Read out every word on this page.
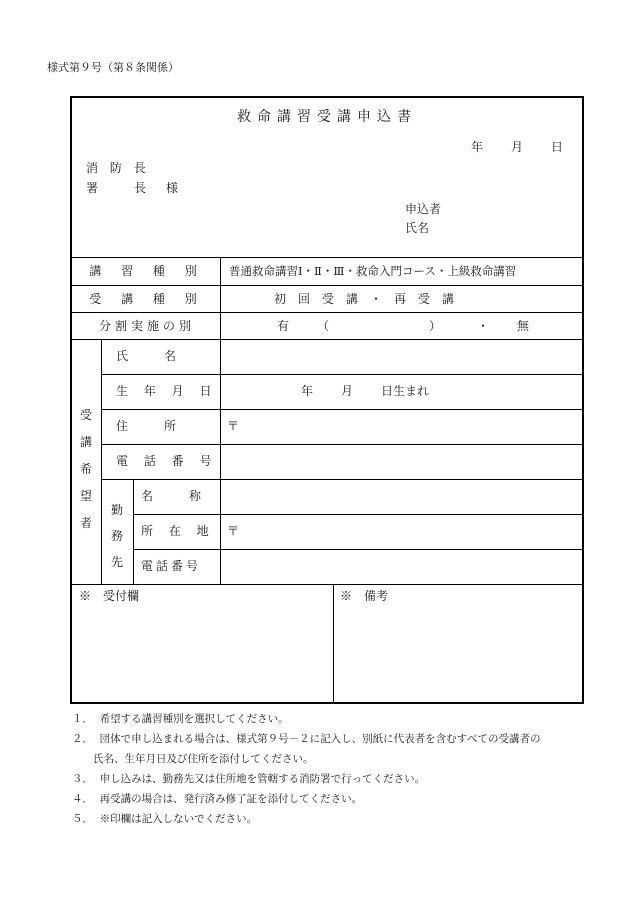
様式第９号（第８条関係）
救命講習受講申込書
年 月 日
消 防 長
署　　長　様
申込者
氏名
講 習 種 別	普通救命講習Ⅰ・Ⅱ・Ⅲ・救命入門コース・上級救命講習
受 講 種 別	初　回　受　講　・　再　受　講
分割実施の別	有 （	）	・ 無
受講希望者
氏　　名
生 年 月 日	年 月 日生まれ
住　　所	〒
電 話 番 号
勤務先
名　　称
所 在 地 〒
電話番号
※　受付欄	※　備考
１．  希望する講習種別を選択してください。
２．  団体で申し込まれる場合は、様式第９号－２に記入し、別紙に代表者を含むすべての受講者の
　　氏名、生年月日及び住所を添付してください。
３．  申し込みは、勤務先又は住所地を管轄する消防署で行ってください。
４．  再受講の場合は、発行済み修了証を添付してください。
５．  ※印欄は記入しないでください。
